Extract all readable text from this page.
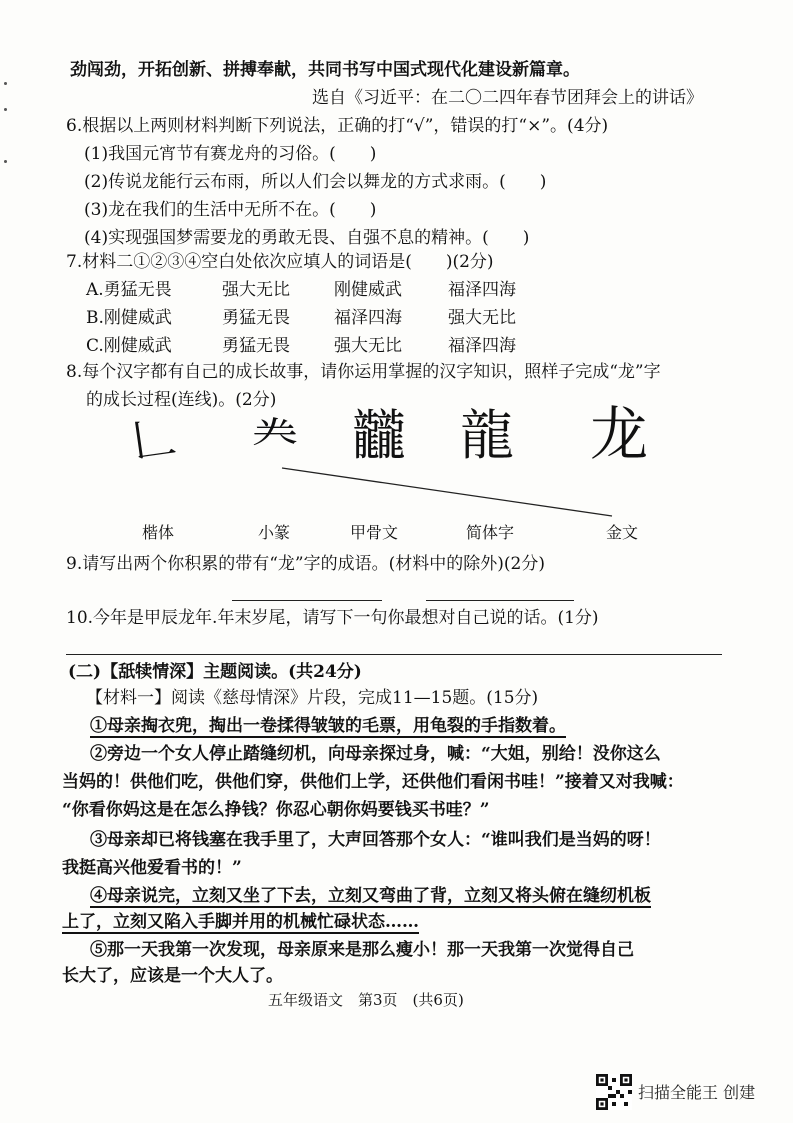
劲闯劲，开拓创新、拼搏奉献，共同书写中国式现代化建设新篇章。
选自《习近平：在二〇二四年春节团拜会上的讲话》
6.根据以上两则材料判断下列说法，正确的打“√”，错误的打“×”。(4分)
(1)我国元宵节有赛龙舟的习俗。(　　)
(2)传说龙能行云布雨，所以人们会以舞龙的方式求雨。(　　)
(3)龙在我们的生活中无所不在。(　　)
(4)实现强国梦需要龙的勇敢无畏、自强不息的精神。(　　)
7.材料二①②③④空白处依次应填人的词语是(　　)(2分)
A.勇猛无畏	强大无比	刚健威武	福泽四海
B.刚健威武	勇猛无畏	福泽四海	强大无比
C.刚健威武	勇猛无畏	强大无比	福泽四海
8.每个汉字都有自己的成长故事，请你运用掌握的汉字知识，照样子完成“龙”字
的成长过程(连线)。(2分)
𠃊 龹 龖 龍 龙
楷体	小篆	甲骨文	简体字	金文
9.请写出两个你积累的带有“龙”字的成语。(材料中的除外)(2分)
10.今年是甲辰龙年.年末岁尾，请写下一句你最想对自己说的话。(1分)
(二)【舐犊情深】主题阅读。(共24分)
【材料一】阅读《慈母情深》片段，完成11—15题。(15分)
①母亲掏衣兜，掏出一卷揉得皱皱的毛票，用龟裂的手指数着。
②旁边一个女人停止踏缝纫机，向母亲探过身，喊：“大姐，别给！没你这么
当妈的！供他们吃，供他们穿，供他们上学，还供他们看闲书哇！”接着又对我喊：
“你看你妈这是在怎么挣钱？你忍心朝你妈要钱买书哇？”
③母亲却已将钱塞在我手里了，大声回答那个女人：“谁叫我们是当妈的呀！
我挺高兴他爱看书的！”
④母亲说完，立刻又坐了下去，立刻又弯曲了背，立刻又将头俯在缝纫机板
上了，立刻又陷入手脚并用的机械忙碌状态……
⑤那一天我第一次发现，母亲原来是那么瘦小！那一天我第一次觉得自己
长大了，应该是一个大人了。
五年级语文　第3页　(共6页)
扫描全能王 创建
